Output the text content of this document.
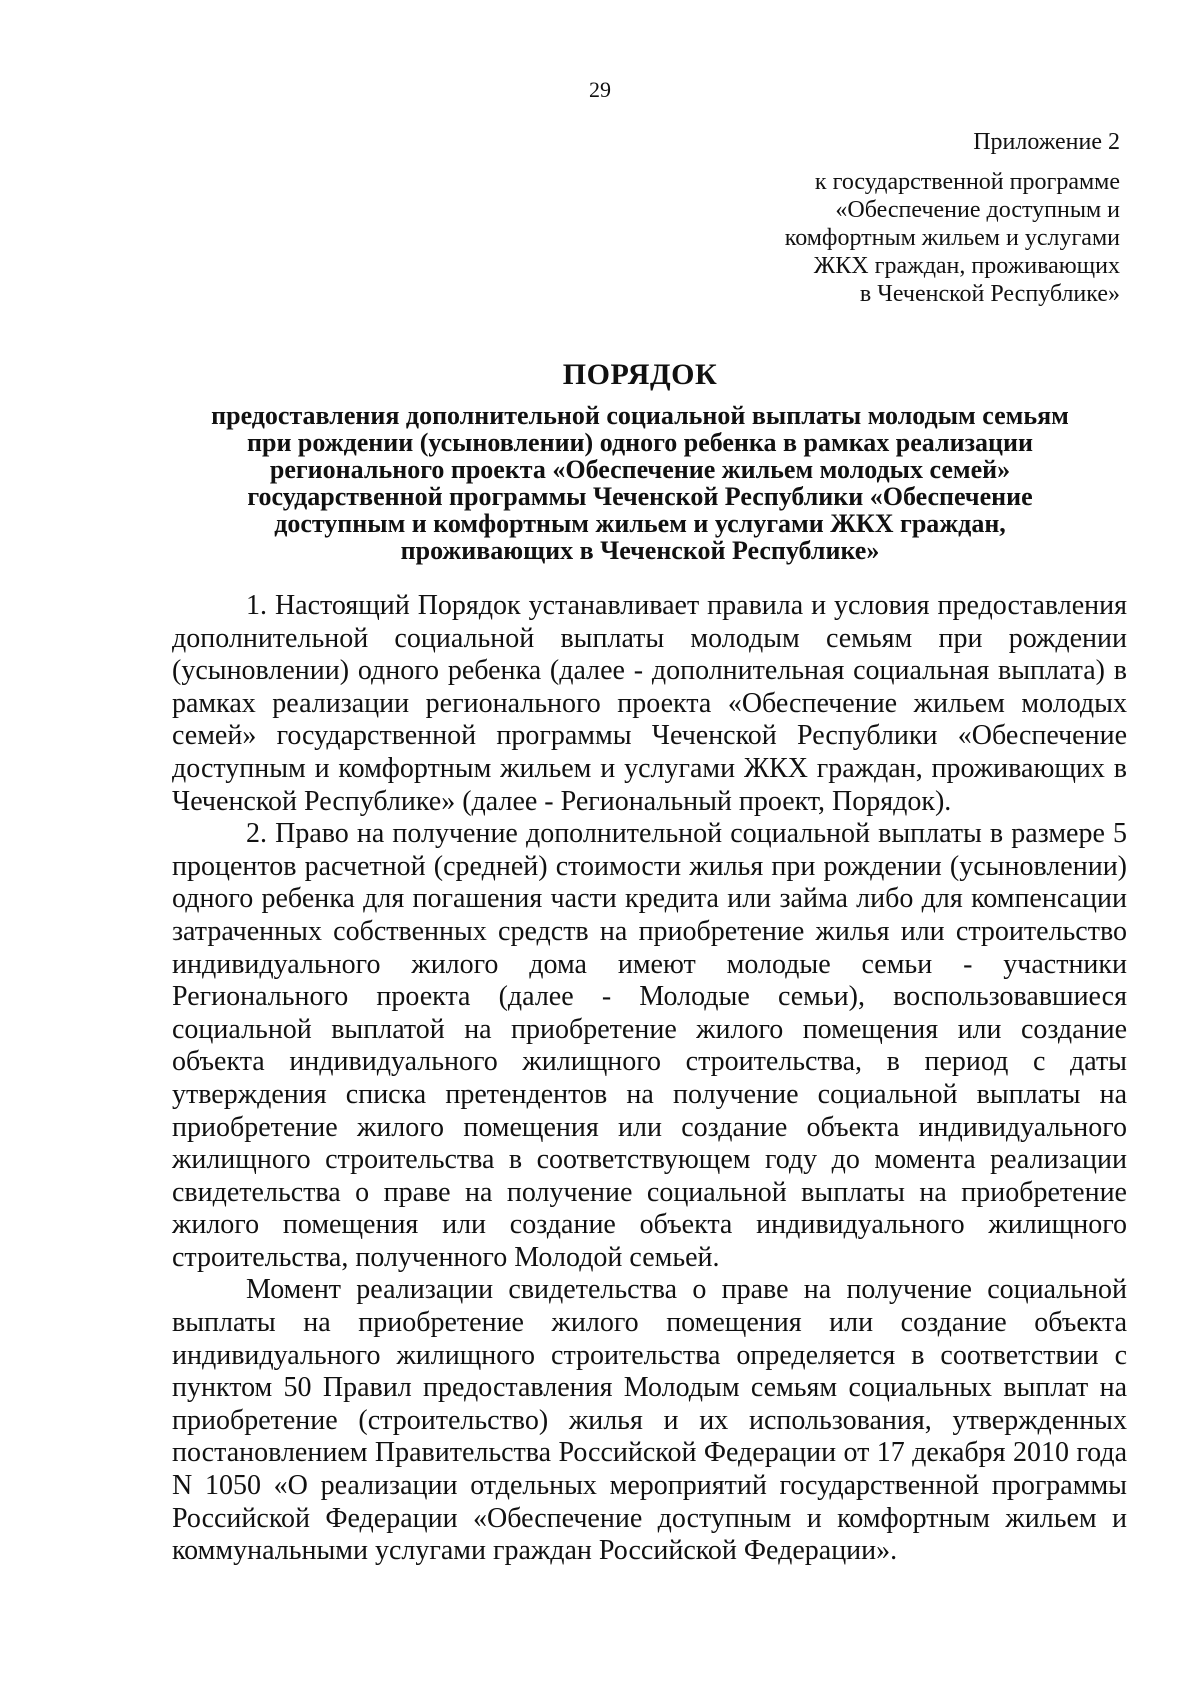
29

Приложение 2

к государственной программе
«Обеспечение доступным и
комфортным жильем и услугами
ЖКХ граждан, проживающих
в Чеченской Республике»
ПОРЯДОК
предоставления дополнительной социальной выплаты молодым семьям
при рождении (усыновлении) одного ребенка в рамках реализации
регионального проекта «Обеспечение жильем молодых семей»
государственной программы Чеченской Республики «Обеспечение
доступным и комфортным жильем и услугами ЖКХ граждан,
проживающих в Чеченской Республике»

1. Настоящий Порядок устанавливает правила и условия предоставления дополнительной социальной выплаты молодым семьям при рождении (усыновлении) одного ребенка (далее - дополнительная социальная выплата) в рамках реализации регионального проекта «Обеспечение жильем молодых семей» государственной программы Чеченской Республики «Обеспечение доступным и комфортным жильем и услугами ЖКХ граждан, проживающих в Чеченской Республике» (далее - Региональный проект, Порядок).

2. Право на получение дополнительной социальной выплаты в размере 5 процентов расчетной (средней) стоимости жилья при рождении (усыновлении) одного ребенка для погашения части кредита или займа либо для компенсации затраченных собственных средств на приобретение жилья или строительство индивидуального жилого дома имеют молодые семьи - участники Регионального проекта (далее - Молодые семьи), воспользовавшиеся социальной выплатой на приобретение жилого помещения или создание объекта индивидуального жилищного строительства, в период с даты утверждения списка претендентов на получение социальной выплаты на приобретение жилого помещения или создание объекта индивидуального жилищного строительства в соответствующем году до момента реализации свидетельства о праве на получение социальной выплаты на приобретение жилого помещения или создание объекта индивидуального жилищного строительства, полученного Молодой семьей.

Момент реализации свидетельства о праве на получение социальной выплаты на приобретение жилого помещения или создание объекта индивидуального жилищного строительства определяется в соответствии с пунктом 50 Правил предоставления Молодым семьям социальных выплат на приобретение (строительство) жилья и их использования, утвержденных постановлением Правительства Российской Федерации от 17 декабря 2010 года N 1050 «О реализации отдельных мероприятий государственной программы Российской Федерации «Обеспечение доступным и комфортным жильем и коммунальными услугами граждан Российской Федерации».
